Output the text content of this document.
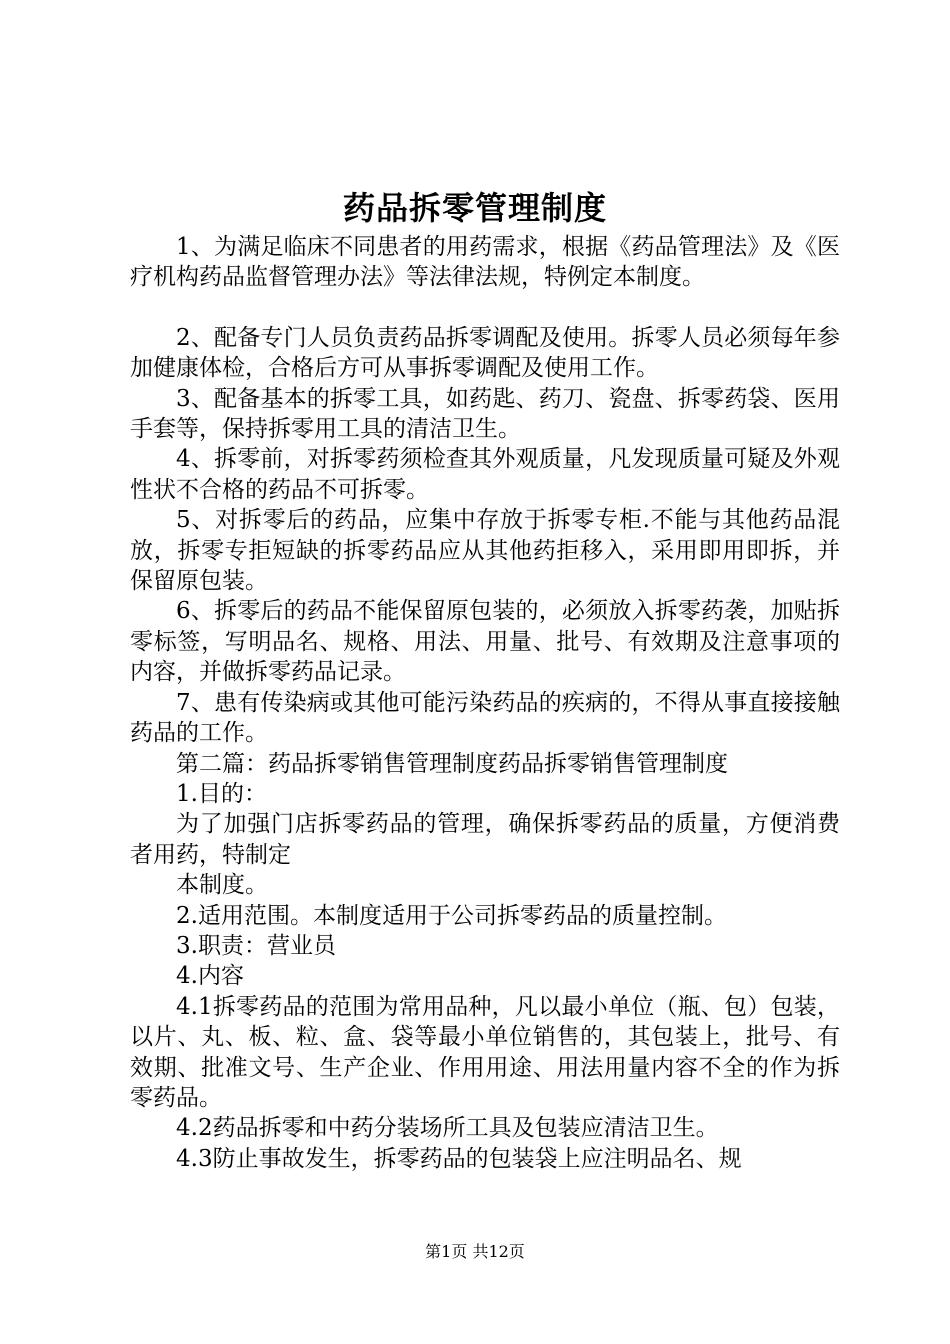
药品拆零管理制度

1、为满足临床不同患者的用药需求，根据《药品管理法》及《医疗机构药品监督管理办法》等法律法规，特例定本制度。

2、配备专门人员负责药品拆零调配及使用。拆零人员必须每年参加健康体检，合格后方可从事拆零调配及使用工作。

3、配备基本的拆零工具，如药匙、药刀、瓷盘、拆零药袋、医用手套等，保持拆零用工具的清洁卫生。

4、拆零前，对拆零药须检查其外观质量，凡发现质量可疑及外观性状不合格的药品不可拆零。

5、对拆零后的药品，应集中存放于拆零专柜.不能与其他药品混放，拆零专拒短缺的拆零药品应从其他药拒移入，采用即用即拆，并保留原包装。

6、拆零后的药品不能保留原包装的，必须放入拆零药袭，加贴拆零标签，写明品名、规格、用法、用量、批号、有效期及注意事项的内容，并做拆零药品记录。

7、患有传染病或其他可能污染药品的疾病的，不得从事直接接触药品的工作。

第二篇：药品拆零销售管理制度药品拆零销售管理制度

1.目的：

为了加强门店拆零药品的管理，确保拆零药品的质量，方便消费者用药，特制定

本制度。

2.适用范围。本制度适用于公司拆零药品的质量控制。

3.职责：营业员

4.内容

4.1拆零药品的范围为常用品种，凡以最小单位（瓶、包）包装，以片、丸、板、粒、盒、袋等最小单位销售的，其包装上，批号、有效期、批准文号、生产企业、作用用途、用法用量内容不全的作为拆零药品。

4.2药品拆零和中药分装场所工具及包装应清洁卫生。

4.3防止事故发生，拆零药品的包装袋上应注明品名、规

第1页 共12页
